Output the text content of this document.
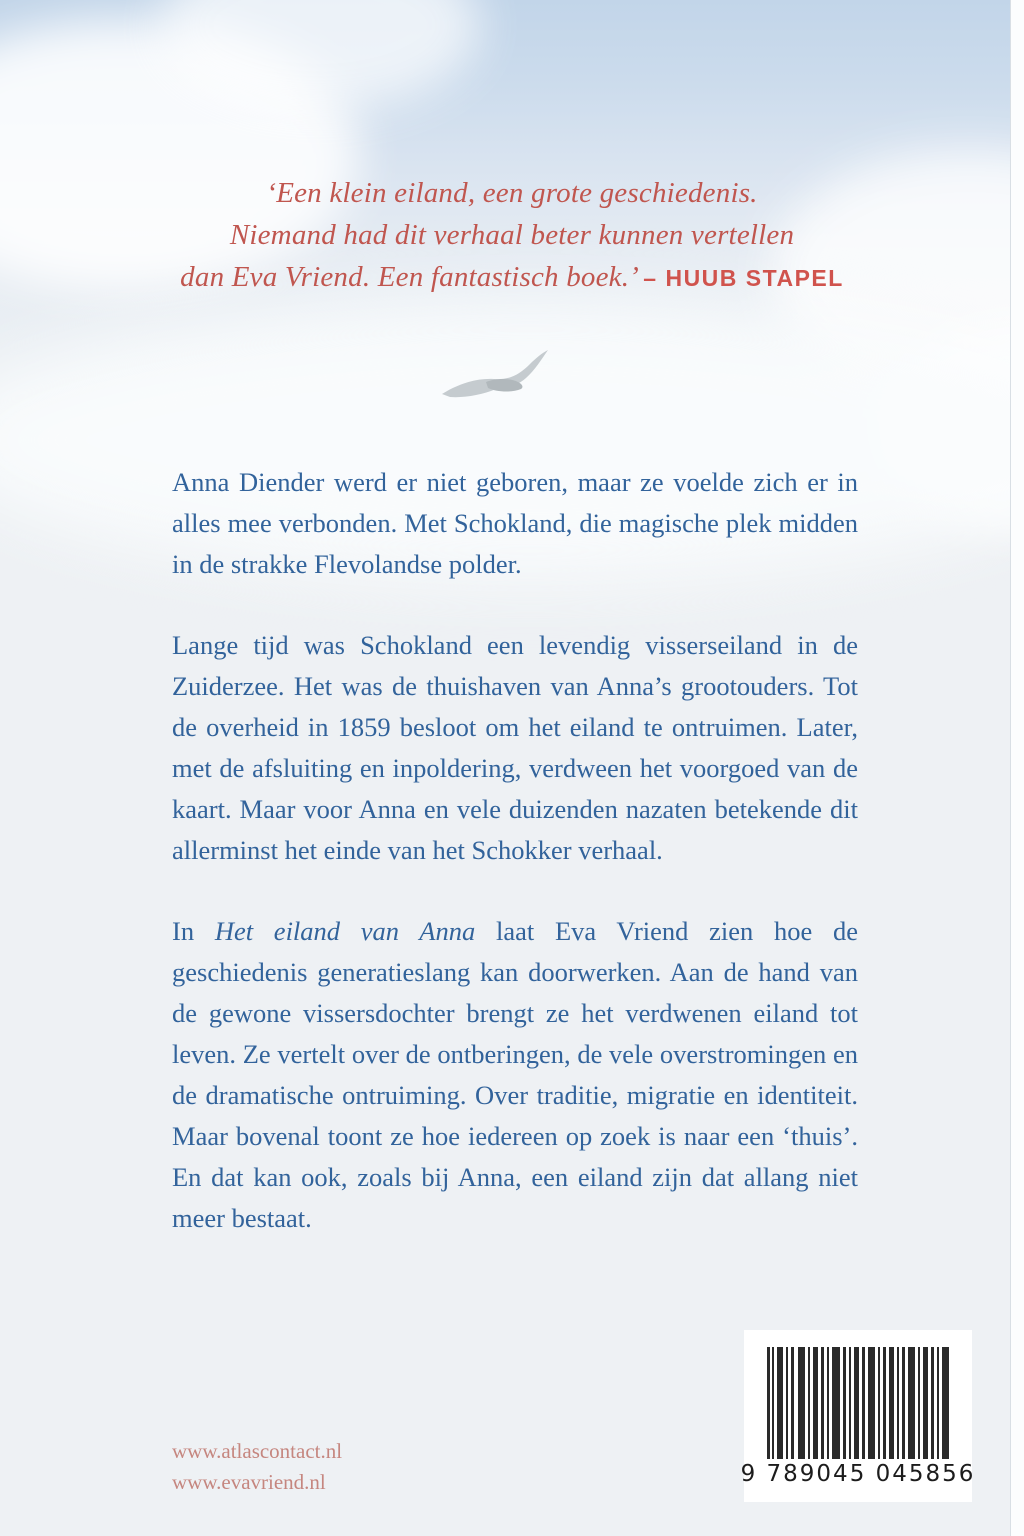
‘Een klein eiland, een grote geschiedenis.
Niemand had dit verhaal beter kunnen vertellen
dan Eva Vriend. Een fantastisch boek.’ – HUUB STAPEL

Anna Diender werd er niet geboren, maar ze voelde zich er in alles mee verbonden. Met Schokland, die magische plek midden in de strakke Flevolandse polder.

Lange tijd was Schokland een levendig visserseiland in de Zuiderzee. Het was de thuishaven van Anna’s grootouders. Tot de overheid in 1859 besloot om het eiland te ontruimen. Later, met de afsluiting en inpoldering, verdween het voorgoed van de kaart. Maar voor Anna en vele duizenden nazaten betekende dit allerminst het einde van het Schokker verhaal.

In Het eiland van Anna laat Eva Vriend zien hoe de geschiedenis generatieslang kan doorwerken. Aan de hand van de gewone vissersdochter brengt ze het verdwenen eiland tot leven. Ze vertelt over de ontberingen, de vele overstromingen en de dramatische ontruiming. Over traditie, migratie en identiteit. Maar bovenal toont ze hoe iedereen op zoek is naar een ‘thuis’. En dat kan ook, zoals bij Anna, een eiland zijn dat allang niet meer bestaat.

www.atlascontact.nl
www.evavriend.nl	9 789045 045856
